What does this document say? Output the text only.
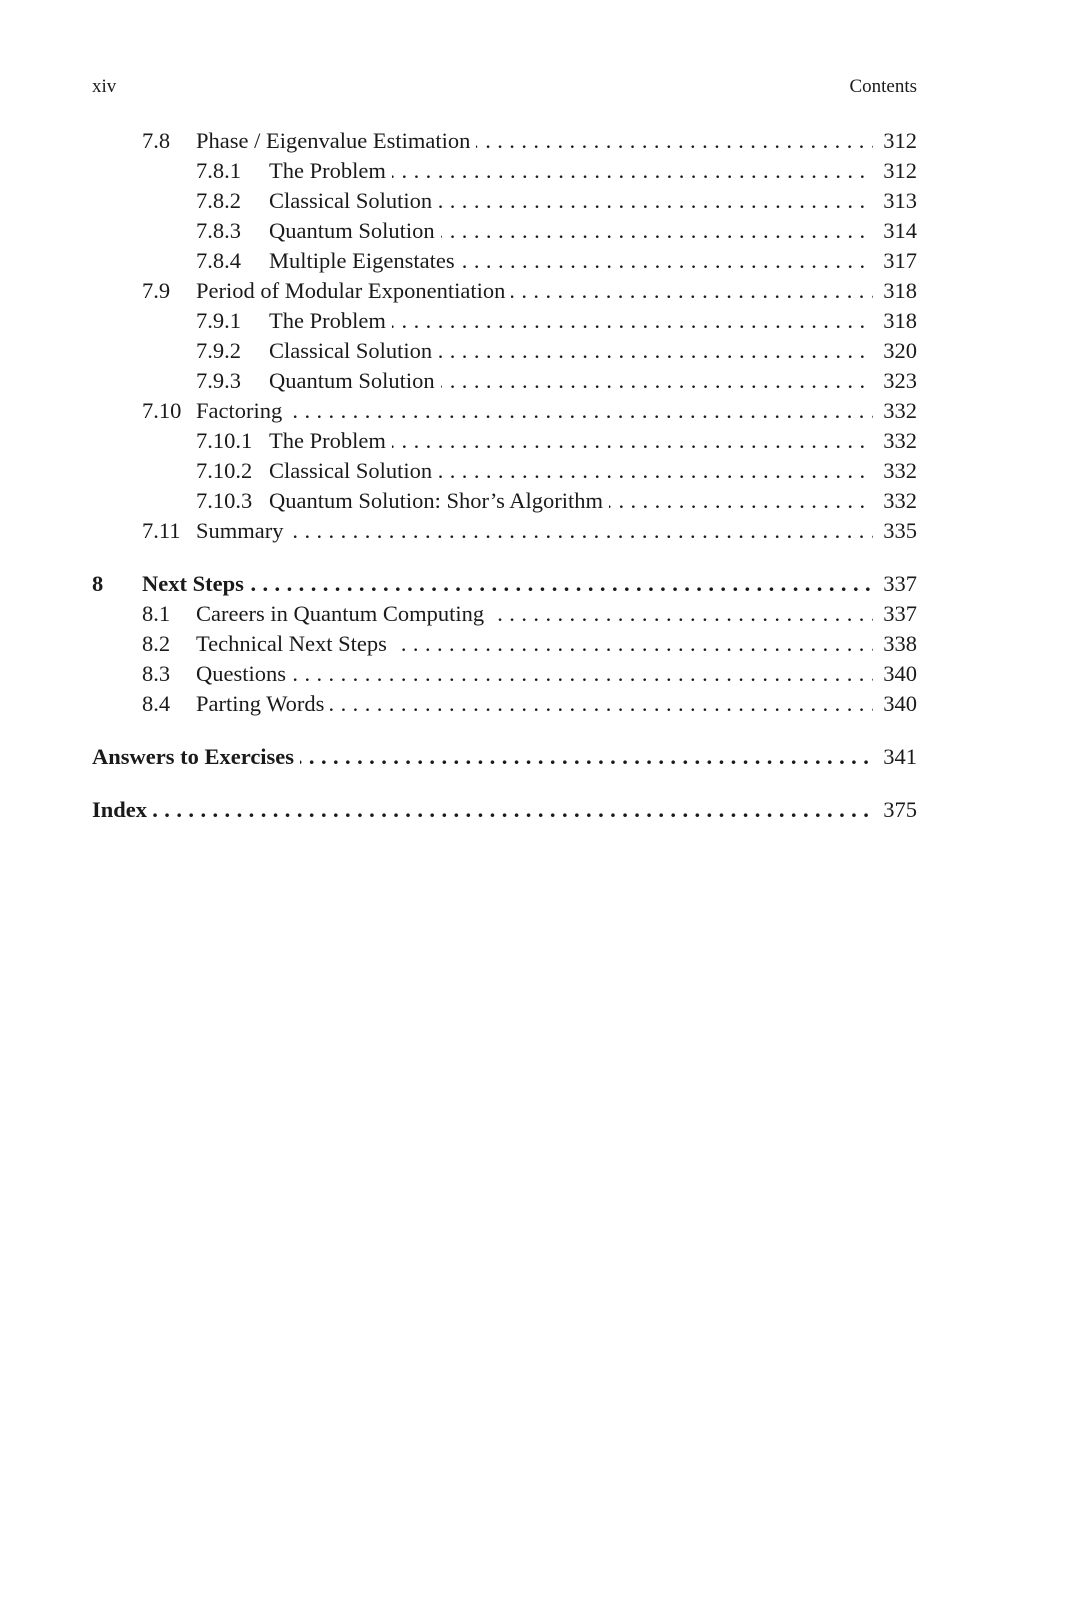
xiv	Contents
7.8 Phase / Eigenvalue Estimation . . .	312
7.8.1 The Problem . . .	312
7.8.2 Classical Solution . . .	313
7.8.3 Quantum Solution . . .	314
7.8.4 Multiple Eigenstates . . .	317
7.9 Period of Modular Exponentiation . . .	318
7.9.1 The Problem . . .	318
7.9.2 Classical Solution . . .	320
7.9.3 Quantum Solution . . .	323
7.10 Factoring . . .	332
7.10.1 The Problem . . .	332
7.10.2 Classical Solution . . .	332
7.10.3 Quantum Solution: Shor’s Algorithm . . .	332
7.11 Summary . . .	335
8 Next Steps . . .	337
8.1 Careers in Quantum Computing . . .	337
8.2 Technical Next Steps . . .	338
8.3 Questions . . .	340
8.4 Parting Words . . .	340
Answers to Exercises . . .	341
Index . . .	375
